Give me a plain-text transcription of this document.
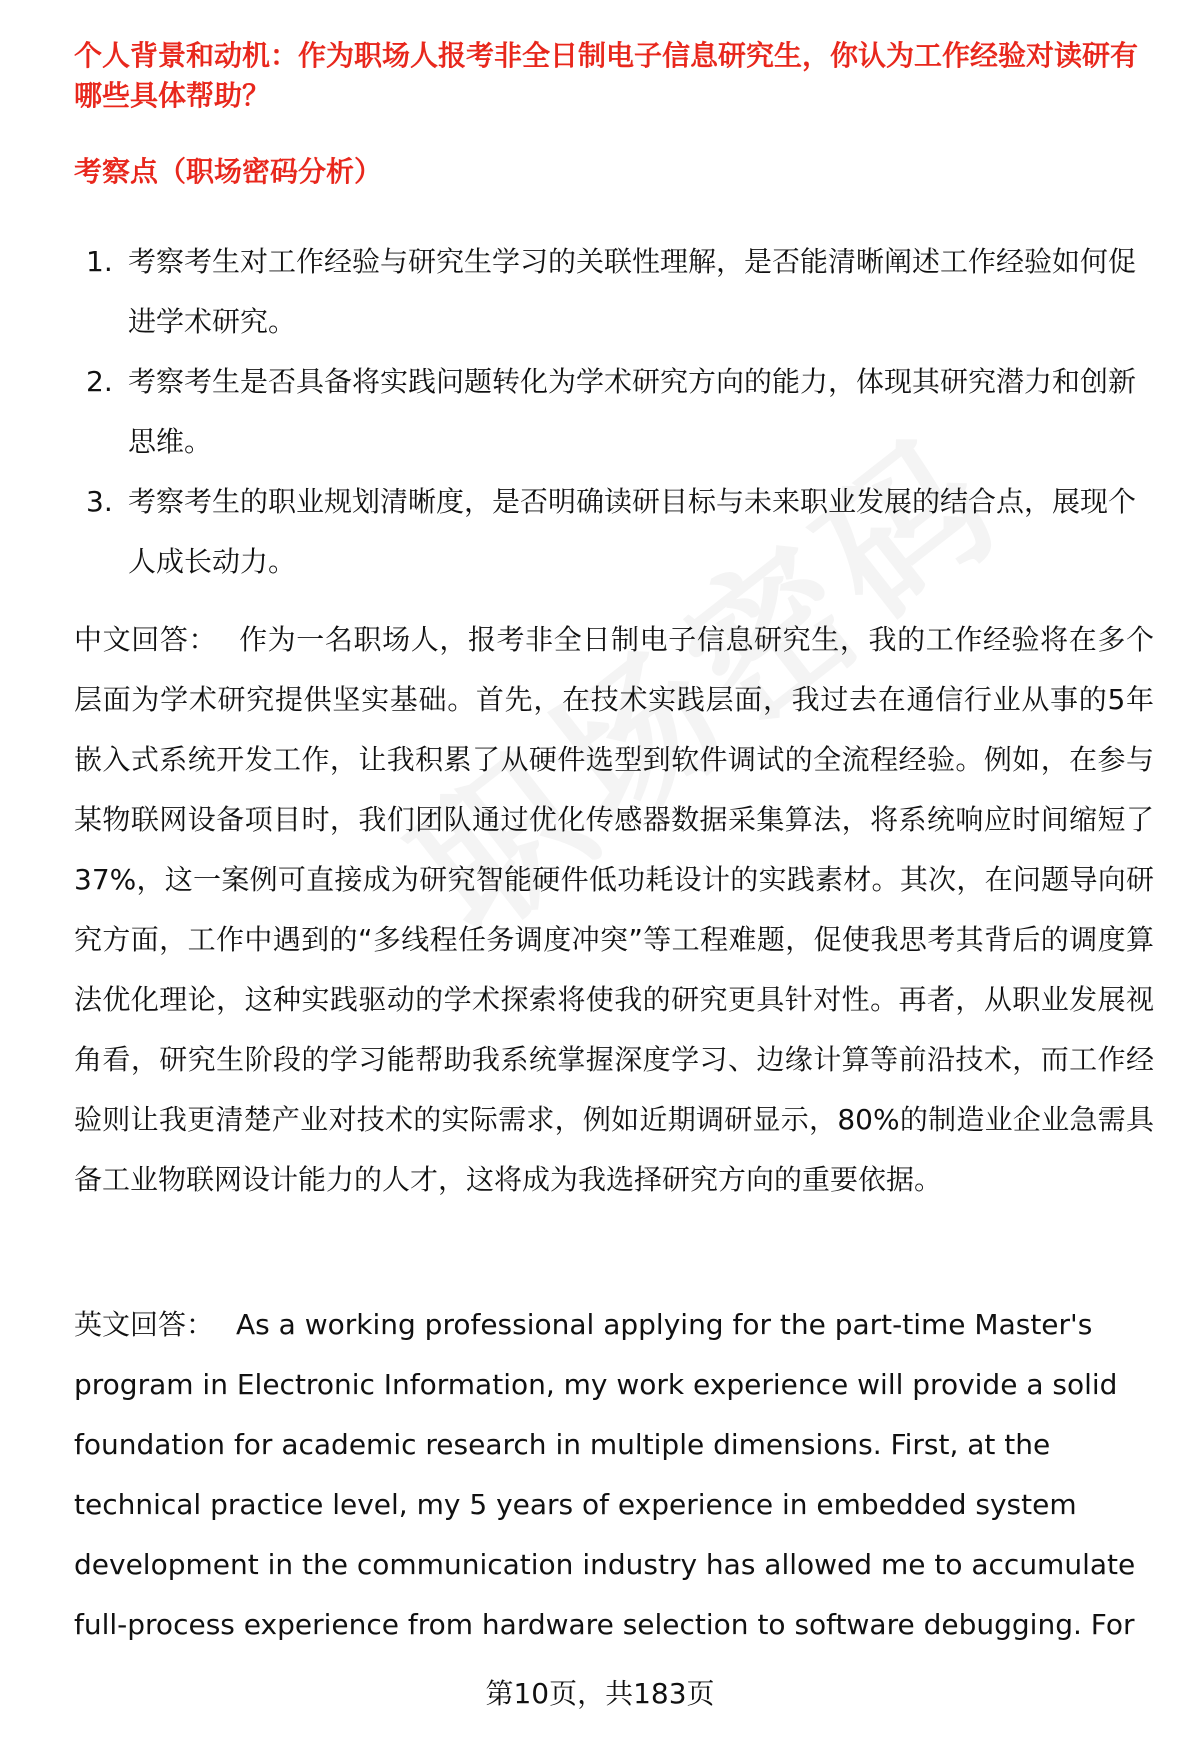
个人背景和动机：作为职场人报考非全日制电子信息研究生，你认为工作经验对读研有哪些具体帮助？
考察点（职场密码分析）
1. 考察考生对工作经验与研究生学习的关联性理解，是否能清晰阐述工作经验如何促进学术研究。
2. 考察考生是否具备将实践问题转化为学术研究方向的能力，体现其研究潜力和创新思维。
3. 考察考生的职业规划清晰度，是否明确读研目标与未来职业发展的结合点，展现个人成长动力。

中文回答： 作为一名职场人，报考非全日制电子信息研究生，我的工作经验将在多个层面为学术研究提供坚实基础。首先，在技术实践层面，我过去在通信行业从事的5年嵌入式系统开发工作，让我积累了从硬件选型到软件调试的全流程经验。例如，在参与某物联网设备项目时，我们团队通过优化传感器数据采集算法，将系统响应时间缩短了37%，这一案例可直接成为研究智能硬件低功耗设计的实践素材。其次，在问题导向研究方面，工作中遇到的“多线程任务调度冲突”等工程难题，促使我思考其背后的调度算法优化理论，这种实践驱动的学术探索将使我的研究更具针对性。再者，从职业发展视角看，研究生阶段的学习能帮助我系统掌握深度学习、边缘计算等前沿技术，而工作经验则让我更清楚产业对技术的实际需求，例如近期调研显示，80%的制造业企业急需具备工业物联网设计能力的人才，这将成为我选择研究方向的重要依据。

英文回答： As a working professional applying for the part-time Master's program in Electronic Information, my work experience will provide a solid foundation for academic research in multiple dimensions. First, at the technical practice level, my 5 years of experience in embedded system development in the communication industry has allowed me to accumulate full-process experience from hardware selection to software debugging. For

第10页，共183页
